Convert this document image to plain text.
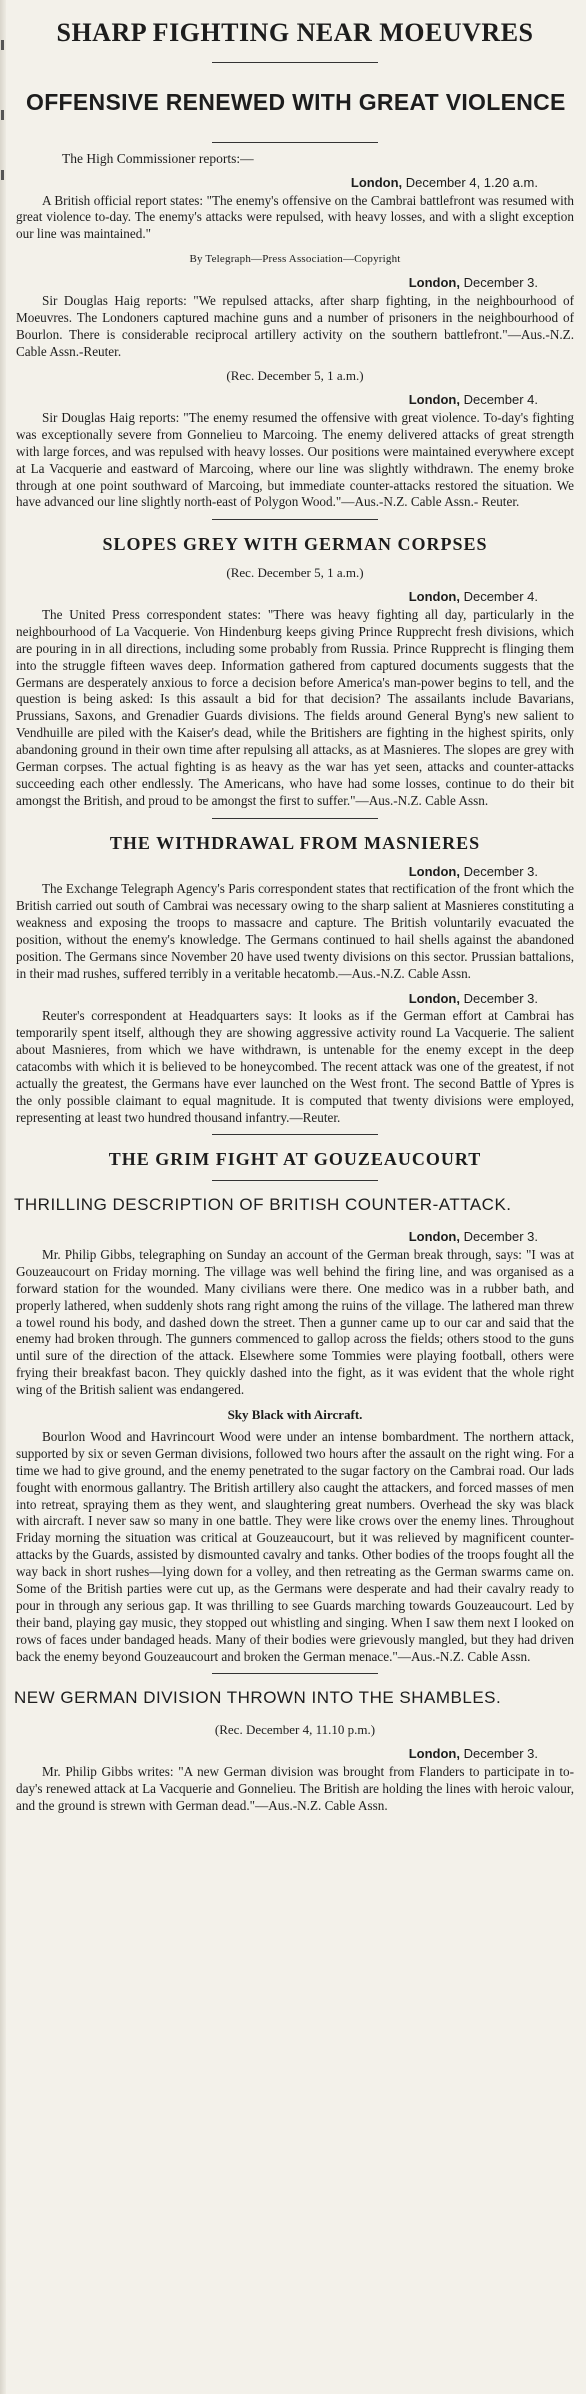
SHARP FIGHTING NEAR MOEUVRES
OFFENSIVE RENEWED WITH GREAT VIOLENCE
The High Commissioner reports:—
London, December 4, 1.20 a.m.

A British official report states: "The enemy's offensive on the Cambrai battlefront was resumed with great violence to-day. The enemy's attacks were repulsed, with heavy losses, and with a slight exception our line was maintained."

By Telegraph—Press Association—Copyright
London, December 3.

Sir Douglas Haig reports: "We repulsed attacks, after sharp fighting, in the neighbourhood of Moeuvres. The Londoners captured machine guns and a number of prisoners in the neighbourhood of Bourlon. There is considerable reciprocal artillery activity on the southern battlefront."—Aus.-N.Z. Cable Assn.-Reuter.

(Rec. December 5, 1 a.m.)
London, December 4.

Sir Douglas Haig reports: "The enemy resumed the offensive with great violence. To-day's fighting was exceptionally severe from Gonnelieu to Marcoing. The enemy delivered attacks of great strength with large forces, and was repulsed with heavy losses. Our positions were maintained everywhere except at La Vacquerie and eastward of Marcoing, where our line was slightly withdrawn. The enemy broke through at one point southward of Marcoing, but immediate counter-attacks restored the situation. We have advanced our line slightly north-east of Polygon Wood."—Aus.-N.Z. Cable Assn.- Reuter.

SLOPES GREY WITH GERMAN CORPSES
(Rec. December 5, 1 a.m.)
London, December 4.

The United Press correspondent states: "There was heavy fighting all day, particularly in the neighbourhood of La Vacquerie. Von Hindenburg keeps giving Prince Rupprecht fresh divisions, which are pouring in in all directions, including some probably from Russia. Prince Rupprecht is flinging them into the struggle fifteen waves deep. Information gathered from captured documents suggests that the Germans are desperately anxious to force a decision before America's man-power begins to tell, and the question is being asked: Is this assault a bid for that decision? The assailants include Bavarians, Prussians, Saxons, and Grenadier Guards divisions. The fields around General Byng's new salient to Vendhuille are piled with the Kaiser's dead, while the Britishers are fighting in the highest spirits, only abandoning ground in their own time after repulsing all attacks, as at Masnieres. The slopes are grey with German corpses. The actual fighting is as heavy as the war has yet seen, attacks and counter-attacks succeeding each other endlessly. The Americans, who have had some losses, continue to do their bit amongst the British, and proud to be amongst the first to suffer."—Aus.-N.Z. Cable Assn.

THE WITHDRAWAL FROM MASNIERES
London, December 3.

The Exchange Telegraph Agency's Paris correspondent states that rectification of the front which the British carried out south of Cambrai was necessary owing to the sharp salient at Masnieres constituting a weakness and exposing the troops to massacre and capture. The British voluntarily evacuated the position, without the enemy's knowledge. The Germans continued to hail shells against the abandoned position. The Germans since November 20 have used twenty divisions on this sector. Prussian battalions, in their mad rushes, suffered terribly in a veritable hecatomb.—Aus.-N.Z. Cable Assn.

London, December 3.

Reuter's correspondent at Headquarters says: It looks as if the German effort at Cambrai has temporarily spent itself, although they are showing aggressive activity round La Vacquerie. The salient about Masnieres, from which we have withdrawn, is untenable for the enemy except in the deep catacombs with which it is believed to be honeycombed. The recent attack was one of the greatest, if not actually the greatest, the Germans have ever launched on the West front. The second Battle of Ypres is the only possible claimant to equal magnitude. It is computed that twenty divisions were employed, representing at least two hundred thousand infantry.—Reuter.

THE GRIM FIGHT AT GOUZEAUCOURT
THRILLING DESCRIPTION OF BRITISH COUNTER-ATTACK.
London, December 3.

Mr. Philip Gibbs, telegraphing on Sunday an account of the German break through, says: "I was at Gouzeaucourt on Friday morning. The village was well behind the firing line, and was organised as a forward station for the wounded. Many civilians were there. One medico was in a rubber bath, and properly lathered, when suddenly shots rang right among the ruins of the village. The lathered man threw a towel round his body, and dashed down the street. Then a gunner came up to our car and said that the enemy had broken through. The gunners commenced to gallop across the fields; others stood to the guns until sure of the direction of the attack. Elsewhere some Tommies were playing football, others were frying their breakfast bacon. They quickly dashed into the fight, as it was evident that the whole right wing of the British salient was endangered.

Sky Black with Aircraft.

Bourlon Wood and Havrincourt Wood were under an intense bombardment. The northern attack, supported by six or seven German divisions, followed two hours after the assault on the right wing. For a time we had to give ground, and the enemy penetrated to the sugar factory on the Cambrai road. Our lads fought with enormous gallantry. The British artillery also caught the attackers, and forced masses of men into retreat, spraying them as they went, and slaughtering great numbers. Overhead the sky was black with aircraft. I never saw so many in one battle. They were like crows over the enemy lines. Throughout Friday morning the situation was critical at Gouzeaucourt, but it was relieved by magnificent counter-attacks by the Guards, assisted by dismounted cavalry and tanks. Other bodies of the troops fought all the way back in short rushes—lying down for a volley, and then retreating as the German swarms came on. Some of the British parties were cut up, as the Germans were desperate and had their cavalry ready to pour in through any serious gap. It was thrilling to see Guards marching towards Gouzeaucourt. Led by their band, playing gay music, they stopped out whistling and singing. When I saw them next I looked on rows of faces under bandaged heads. Many of their bodies were grievously mangled, but they had driven back the enemy beyond Gouzeaucourt and broken the German menace."—Aus.-N.Z. Cable Assn.

NEW GERMAN DIVISION THROWN INTO THE SHAMBLES.
(Rec. December 4, 11.10 p.m.)
London, December 3.

Mr. Philip Gibbs writes: "A new German division was brought from Flanders to participate in to-day's renewed attack at La Vacquerie and Gonnelieu. The British are holding the lines with heroic valour, and the ground is strewn with German dead."—Aus.-N.Z. Cable Assn.
